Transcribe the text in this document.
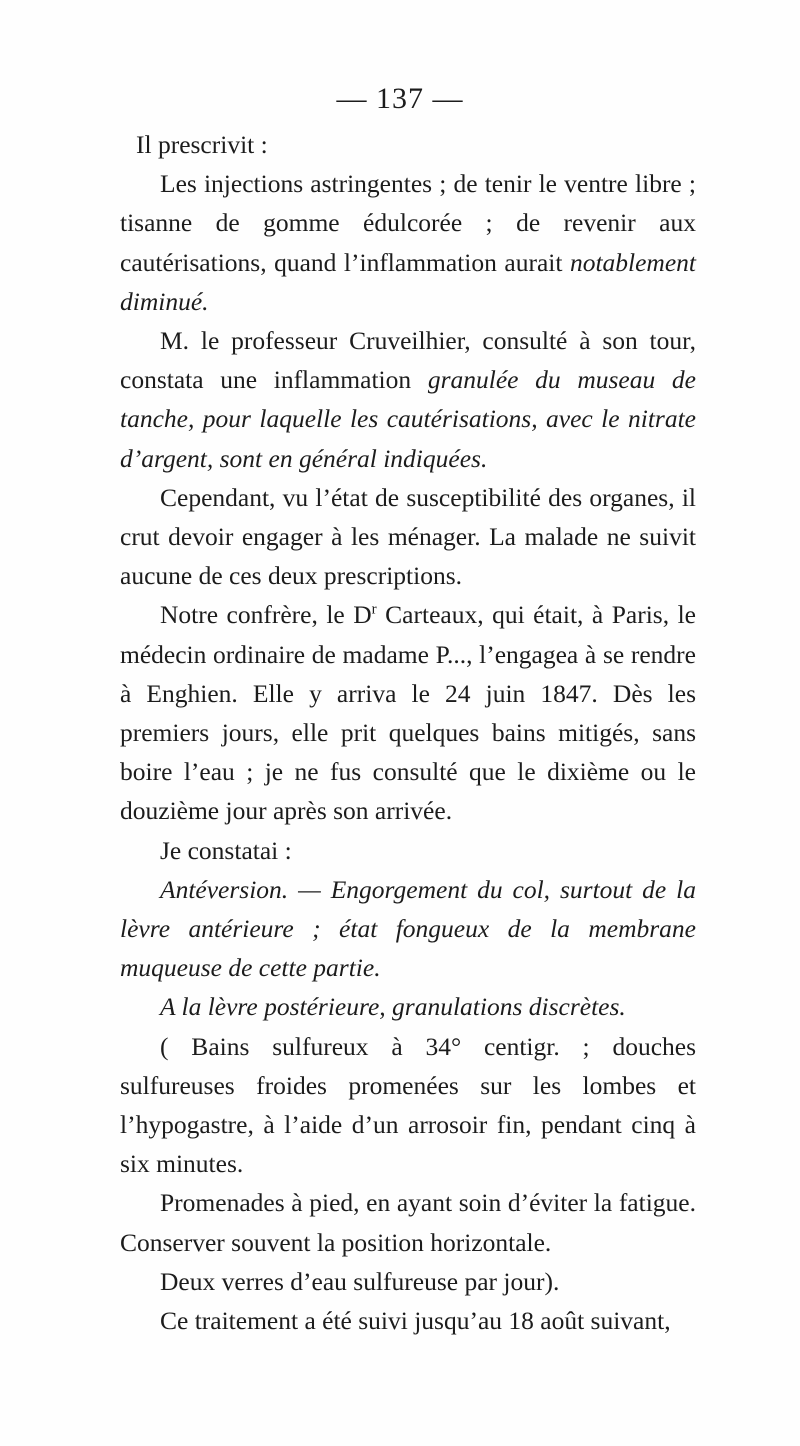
— 137 —

Il prescrivit :

Les injections astringentes ; de tenir le ventre libre ; tisanne de gomme édulcorée ; de revenir aux cautérisations, quand l’inflammation aurait notablement diminué.

M. le professeur Cruveilhier, consulté à son tour, constata une inflammation granulée du museau de tanche, pour laquelle les cautérisations, avec le nitrate d’argent, sont en général indiquées.

Cependant, vu l’état de susceptibilité des organes, il crut devoir engager à les ménager. La malade ne suivit aucune de ces deux prescriptions.

Notre confrère, le $D^r$ Carteaux, qui était, à Paris, le médecin ordinaire de madame P..., l’engagea à se rendre à Enghien. Elle y arriva le 24 juin 1847. Dès les premiers jours, elle prit quelques bains mitigés, sans boire l’eau ; je ne fus consulté que le dixième ou le douzième jour après son arrivée.

Je constatai :

Antéversion. — Engorgement du col, surtout de la lèvre antérieure ; état fongueux de la membrane muqueuse de cette partie.

A la lèvre postérieure, granulations discrètes.

( Bains sulfureux à 34° centigr. ; douches sulfureuses froides promenées sur les lombes et l’hypogastre, à l’aide d’un arrosoir fin, pendant cinq à six minutes.

Promenades à pied, en ayant soin d’éviter la fatigue. Conserver souvent la position horizontale.

Deux verres d’eau sulfureuse par jour).

Ce traitement a été suivi jusqu’au 18 août suivant,
